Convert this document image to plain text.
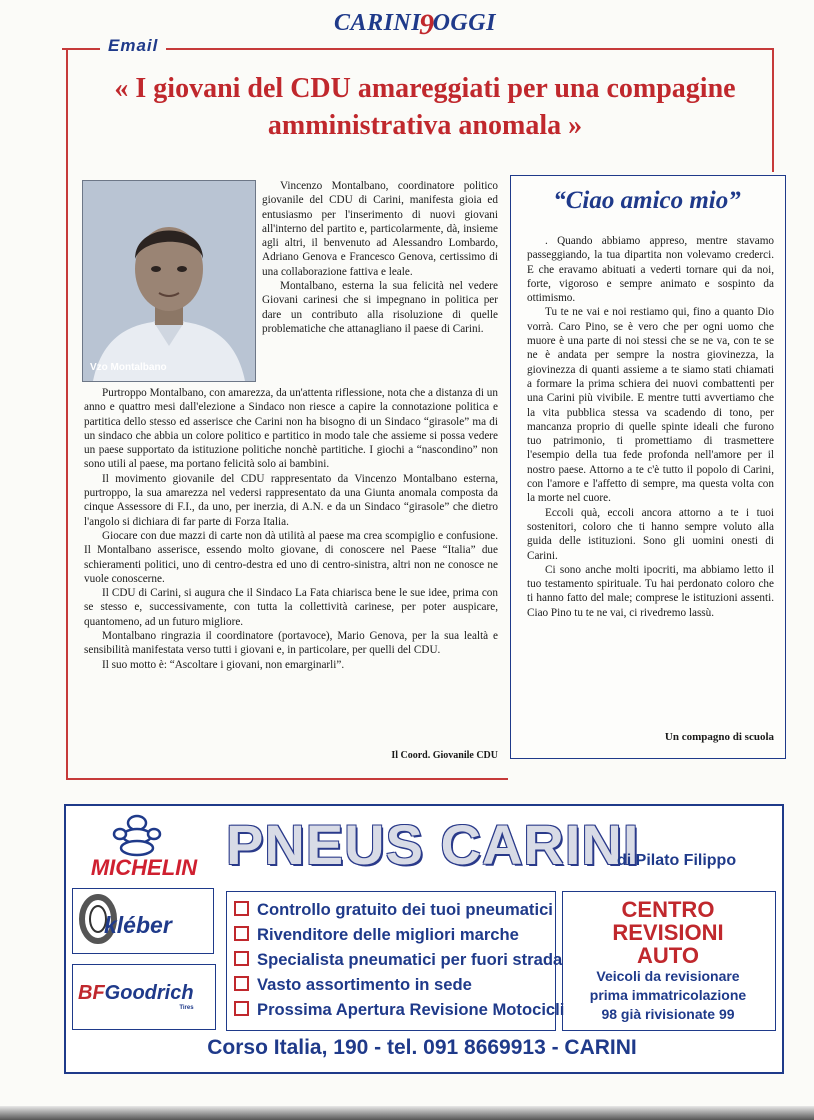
CARINI9OGGI
Email
« I giovani del CDU amareggiati per una compagine amministrativa anomala »
Vzo Montalbano

Vincenzo Montalbano, coordinatore politico giovanile del CDU di Carini, manifesta gioia ed entusiasmo per l'inserimento di nuovi giovani all'interno del partito e, particolarmente, dà, insieme agli altri, il benvenuto ad Alessandro Lombardo, Adriano Genova e Francesco Genova, certissimo di una collaborazione fattiva e leale.

Montalbano, esterna la sua felicità nel vedere Giovani carinesi che si impegnano in politica per dare un contributo alla risoluzione di quelle problematiche che attanagliano il paese di Carini.

Purtroppo Montalbano, con amarezza, da un'attenta riflessione, nota che a distanza di un anno e quattro mesi dall'elezione a Sindaco non riesce a capire la connotazione politica e partitica dello stesso ed asserisce che Carini non ha bisogno di un Sindaco “girasole” ma di un sindaco che abbia un colore politico e partitico in modo tale che assieme si possa vedere un paese supportato da istituzione politiche nonchè partitiche. I giochi a “nascondino” non sono utili al paese, ma portano felicità solo ai bambini.

Il movimento giovanile del CDU rappresentato da Vincenzo Montalbano esterna, purtroppo, la sua amarezza nel vedersi rappresentato da una Giunta anomala composta da cinque Assessore di F.I., da uno, per inerzia, di A.N. e da un Sindaco “girasole” che dietro l'angolo si dichiara di far parte di Forza Italia.

Giocare con due mazzi di carte non dà utilità al paese ma crea scompiglio e confusione. Il Montalbano asserisce, essendo molto giovane, di conoscere nel Paese “Italia” due schieramenti politici, uno di centro-destra ed uno di centro-sinistra, altri non ne conosce ne vuole conoscerne.

Il CDU di Carini, si augura che il Sindaco La Fata chiarisca bene le sue idee, prima con se stesso e, successivamente, con tutta la collettività carinese, per poter auspicare, quantomeno, ad un futuro migliore.

Montalbano ringrazia il coordinatore (portavoce), Mario Genova, per la sua lealtà e sensibilità manifestata verso tutti i giovani e, in particolare, per quelli del CDU.

Il suo motto è: “Ascoltare i giovani, non emarginarli”.

Il Coord. Giovanile CDU
“Ciao amico mio”

. Quando abbiamo appreso, mentre stavamo passeggiando, la tua dipartita non volevamo crederci. E che eravamo abituati a vederti tornare qui da noi, forte, vigoroso e sempre animato e sospinto da ottimismo.

Tu te ne vai e noi restiamo qui, fino a quanto Dio vorrà. Caro Pino, se è vero che per ogni uomo che muore è una parte di noi stessi che se ne va, con te se ne è andata per sempre la nostra giovinezza, la giovinezza di quanti assieme a te siamo stati chiamati a formare la prima schiera dei nuovi combattenti per una Carini più vivibile. E mentre tutti avvertiamo che la vita pubblica stessa va scadendo di tono, per mancanza proprio di quelle spinte ideali che furono tuo patrimonio, ti promettiamo di trasmettere l'esempio della tua fede profonda nell'amore per il nostro paese. Attorno a te c'è tutto il popolo di Carini, con l'amore e l'affetto di sempre, ma questa volta con la morte nel cuore.

Eccoli quà, eccoli ancora attorno a te i tuoi sostenitori, coloro che ti hanno sempre voluto alla guida delle istituzioni. Sono gli uomini onesti di Carini.

Ci sono anche molti ipocriti, ma abbiamo letto il tuo testamento spirituale. Tu hai perdonato coloro che ti hanno fatto del male; comprese le istituzioni assenti. Ciao Pino tu te ne vai, ci rivedremo lassù.

Un compagno di scuola
PNEUS CARINI
di Pilato Filippo
MICHELIN
kléber
BFGoodrich
Tires
Controllo gratuito dei tuoi pneumatici
Rivenditore delle migliori marche
Specialista pneumatici per fuori strada
Vasto assortimento in sede
Prossima Apertura Revisione Motocicli
CENTRO
REVISIONI
AUTO
Veicoli da revisionare
prima immatricolazione
98 già rivisionate 99
Corso Italia, 190 - tel. 091 8669913 - CARINI
